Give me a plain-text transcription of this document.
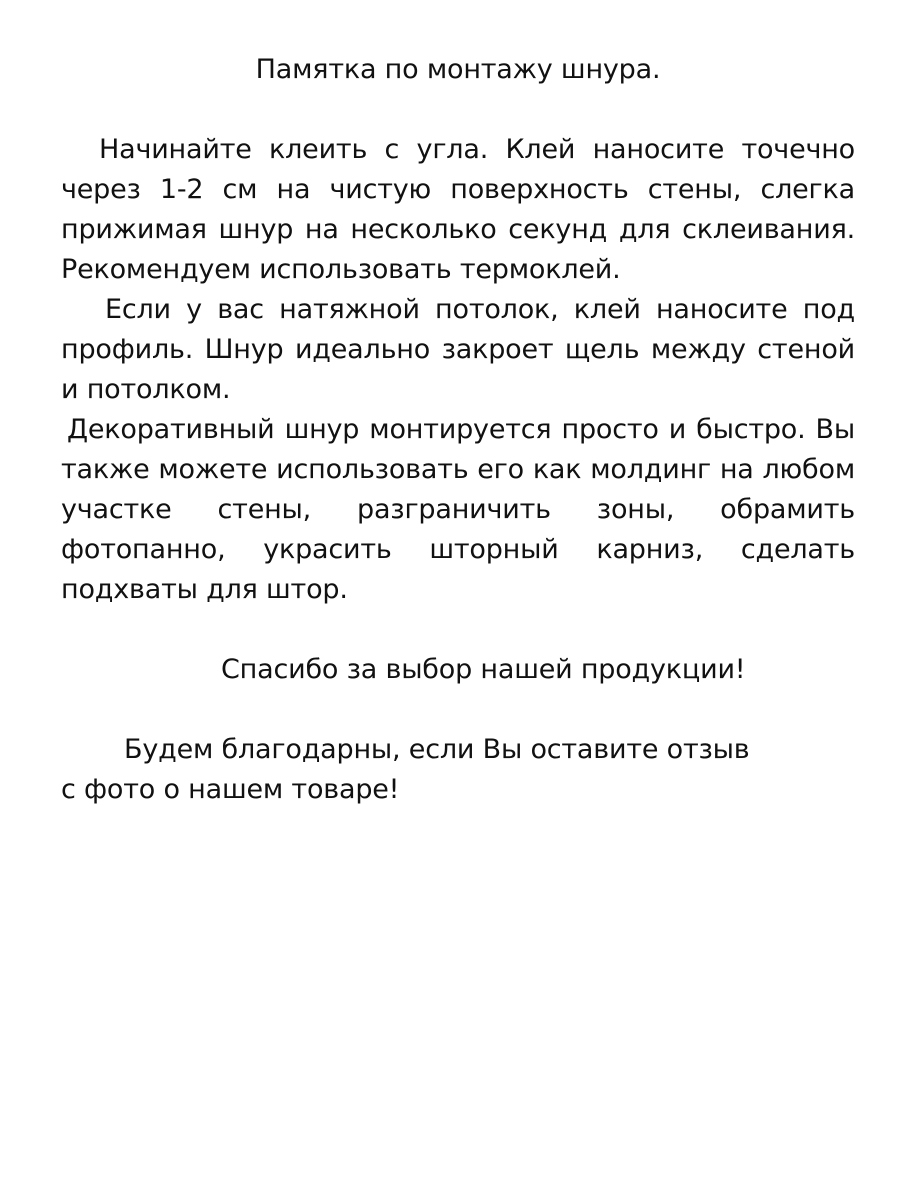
Памятка по монтажу шнура.

Начинайте клеить с угла. Клей наносите точечно через 1-2 см на чистую поверхность стены, слегка прижимая шнур на несколько секунд для склеивания. Рекомендуем использовать термоклей.

Если у вас натяжной потолок, клей наносите под профиль. Шнур идеально закроет щель между стеной и потолком.

Декоративный шнур монтируется просто и быстро. Вы также можете использовать его как молдинг на любом участке стены, разграничить зоны, обрамить фотопанно, украсить шторный карниз, сделать подхваты для штор.

Спасибо за выбор нашей продукции!

Будем благодарны, если Вы оставите отзыв
с фото о нашем товаре!
